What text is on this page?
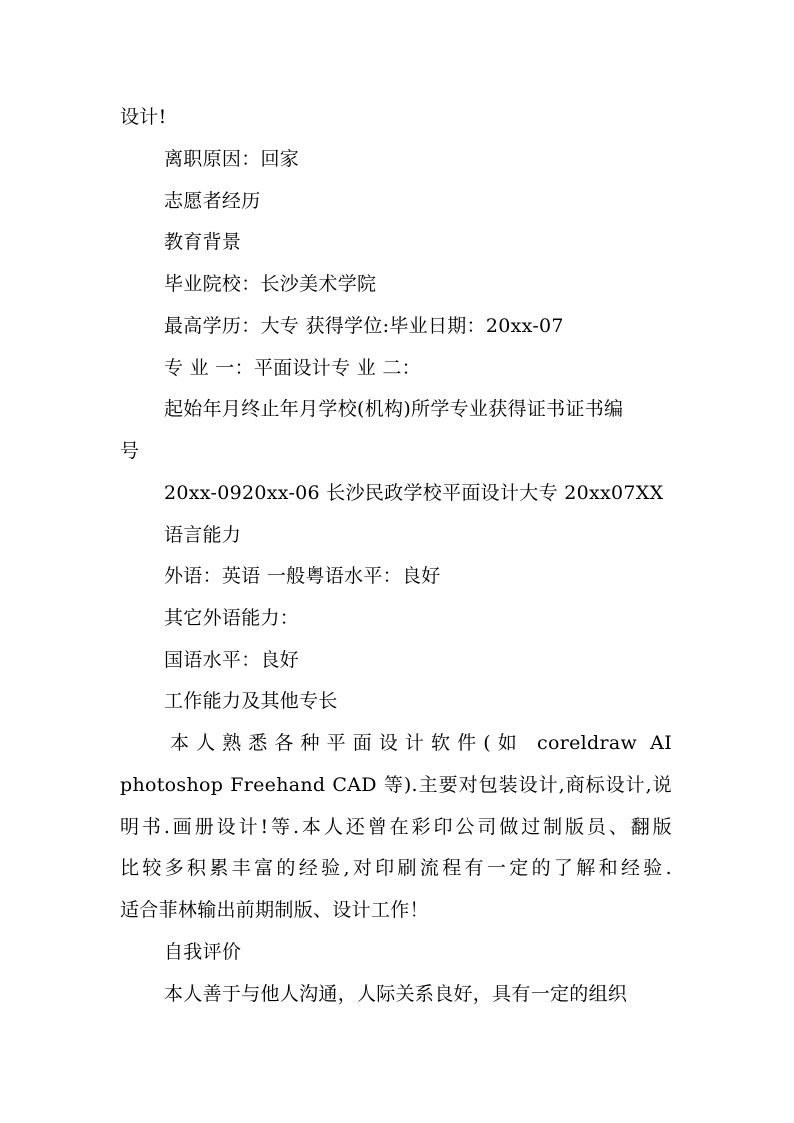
设计!
离职原因：回家
志愿者经历
教育背景
毕业院校：长沙美术学院
最高学历：大专 获得学位:毕业日期：20xx-07
专 业 一：平面设计专 业 二：
起始年月终止年月学校(机构)所学专业获得证书证书编
号
20xx-0920xx-06 长沙民政学校平面设计大专 20xx07XX
语言能力
外语：英语 一般粤语水平：良好
其它外语能力：
国语水平：良好
工作能力及其他专长
本人熟悉各种平面设计软件(如 coreldraw AI
photoshop Freehand CAD 等).主要对包装设计,商标设计,说
明书.画册设计!等.本人还曾在彩印公司做过制版员、翻版
比较多积累丰富的经验,对印刷流程有一定的了解和经验.
适合菲林输出前期制版、设计工作！
自我评价
本人善于与他人沟通，人际关系良好，具有一定的组织
